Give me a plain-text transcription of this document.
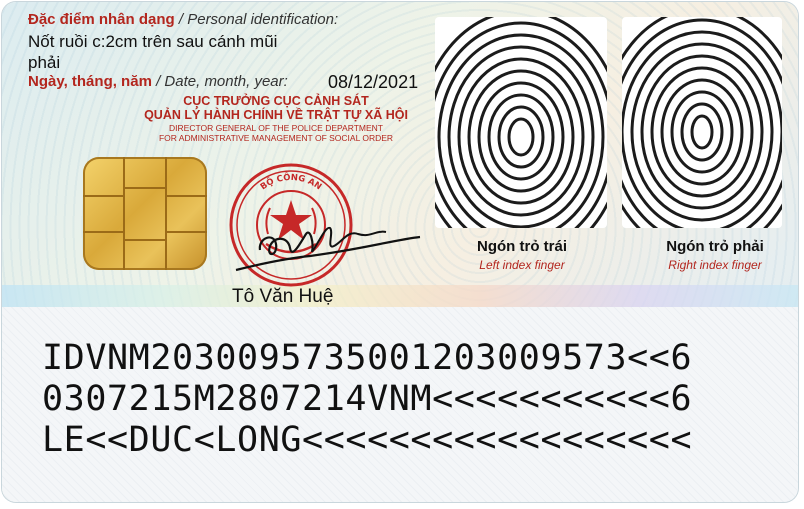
Đặc điểm nhân dạng / Personal identification:
Nốt ruồi c:2cm trên sau cánh mũi
phải
Ngày, tháng, năm / Date, month, year: 08/12/2021
CỤC TRƯỞNG CỤC CẢNH SÁT
QUẢN LÝ HÀNH CHÍNH VỀ TRẬT TỰ XÃ HỘI
DIRECTOR GENERAL OF THE POLICE DEPARTMENT
FOR ADMINISTRATIVE MANAGEMENT OF SOCIAL ORDER
BỘ CÔNG AN
Tô Văn Huệ
Ngón trỏ trái
Left index finger
Ngón trỏ phải
Right index finger
IDVNM2030095735001203009573<<6
0307215M2807214VNM<<<<<<<<<<<6
LE<<DUC<LONG<<<<<<<<<<<<<<<<<<
